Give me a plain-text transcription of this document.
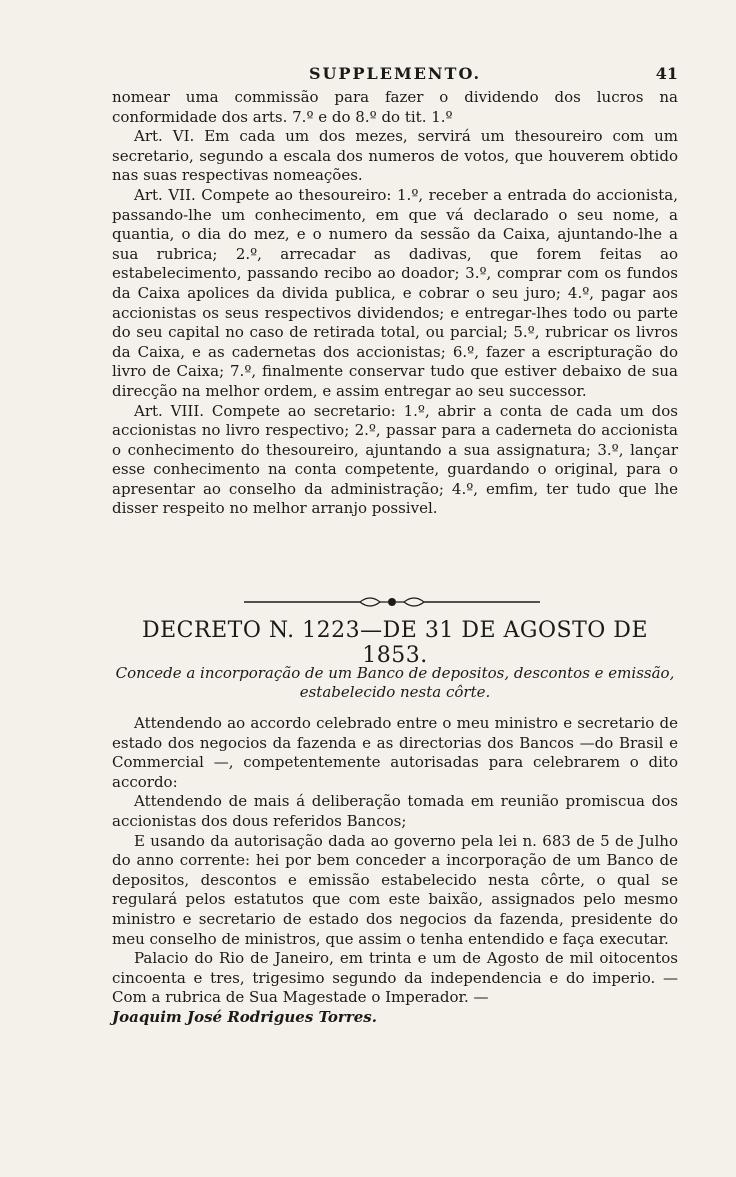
SUPPLEMENTO.	41

nomear uma commissão para fazer o dividendo dos lucros na conformidade dos arts. 7.º e do 8.º do tit. 1.º

Art. VI. Em cada um dos mezes, servirá um thesoureiro com um secretario, segundo a escala dos numeros de votos, que houverem obtido nas suas respectivas nomeações.

Art. VII. Compete ao thesoureiro: 1.º, receber a entrada do accionista, passando-lhe um conhecimento, em que vá declarado o seu nome, a quantia, o dia do mez, e o numero da sessão da Caixa, ajuntando-lhe a sua rubrica; 2.º, arrecadar as dadivas, que forem feitas ao estabelecimento, passando recibo ao doador; 3.º, comprar com os fundos da Caixa apolices da divida publica, e cobrar o seu juro; 4.º, pagar aos accionistas os seus respectivos dividendos; e entregar-lhes todo ou parte do seu capital no caso de retirada total, ou parcial; 5.º, rubricar os livros da Caixa, e as cadernetas dos accionistas; 6.º, fazer a escripturação do livro de Caixa; 7.º, finalmente conservar tudo que estiver debaixo de sua direcção na melhor ordem, e assim entregar ao seu successor.

Art. VIII. Compete ao secretario: 1.º, abrir a conta de cada um dos accionistas no livro respectivo; 2.º, passar para a caderneta do accionista o conhecimento do thesoureiro, ajuntando a sua assignatura; 3.º, lançar esse conhecimento na conta competente, guardando o original, para o apresentar ao conselho da administração; 4.º, emfim, ter tudo que lhe disser respeito no melhor arranjo possivel.

DECRETO N. 1223—DE 31 DE AGOSTO DE 1853.
Concede a incorporação de um Banco de depositos, descontos e emissão,
estabelecido nesta côrte.

Attendendo ao accordo celebrado entre o meu ministro e secretario de estado dos negocios da fazenda e as directorias dos Bancos —do Brasil e Commercial —, competentemente autorisadas para celebrarem o dito accordo:

Attendendo de mais á deliberação tomada em reunião promiscua dos accionistas dos dous referidos Bancos;

E usando da autorisação dada ao governo pela lei n. 683 de 5 de Julho do anno corrente: hei por bem conceder a incorporação de um Banco de depositos, descontos e emissão estabelecido nesta côrte, o qual se regulará pelos estatutos que com este baixão, assignados pelo mesmo ministro e secretario de estado dos negocios da fazenda, presidente do meu conselho de ministros, que assim o tenha entendido e faça executar.

Palacio do Rio de Janeiro, em trinta e um de Agosto de mil oitocentos cincoenta e tres, trigesimo segundo da independencia e do imperio. — Com a rubrica de Sua Magestade o Imperador. —

Joaquim José Rodrigues Torres.
